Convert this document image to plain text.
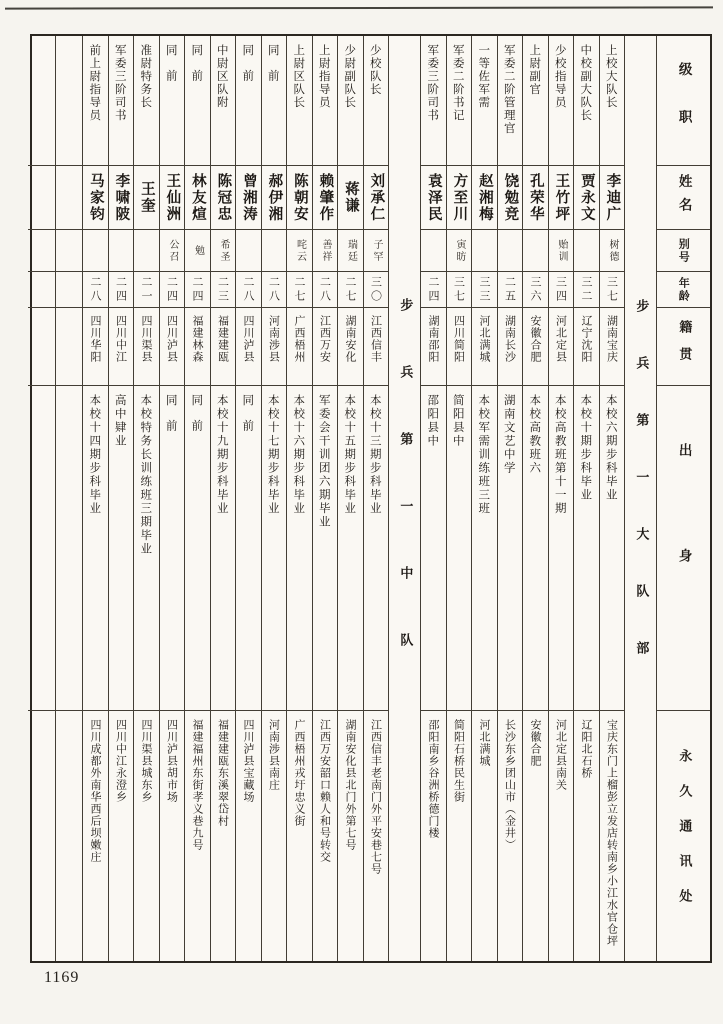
级职
姓名
别号
年龄
籍贯
出身
永久通讯处
步兵第一大队部
上校大队长
李迪广
树德
三七
湖南宝庆
本校六期步科毕业
宝庆东门上榴彭立发店转南乡小江水官仓坪
中校副大队长
贾永文
三二
辽宁沈阳
本校十期步科毕业
辽阳北石桥
少校指导员
王竹坪
贻训
三四
河北定县
本校高教班第十一期
河北定县南关
上尉副官
孔荣华
三六
安徽合肥
本校高教班六
安徽合肥
军委二阶管理官
饶勉竞
二五
湖南长沙
湖南文艺中学
长沙东乡团山市（金井）
一等佐军需
赵湘梅
三三
河北满城
本校军需训练班三班
河北满城
军委二阶书记
方至川
寅昉
三七
四川简阳
简阳县中
简阳石桥民生街
军委三阶司书
袁泽民
二四
湖南邵阳
邵阳县中
邵阳南乡谷洲桥德门楼
步兵第一中队
少校队长
刘承仁
子罕
三〇
江西信丰
本校十三期步科毕业
江西信丰老南门外平安巷七号
少尉副队长
蒋谦
瑞廷
二七
湖南安化
本校十五期步科毕业
湖南安化县北门外第七号
上尉指导员
赖肇作
善祥
二八
江西万安
军委会干训团六期毕业
江西万安韶口赖人和号转交
上尉区队长
陈朝安
咤云
二七
广西梧州
本校十六期步科毕业
广西梧州戎圩忠义街
同前
郝伊湘
二八
河南涉县
本校十七期步科毕业
河南涉县南庄
同前
曾湘涛
二八
四川泸县
同前
四川泸县宝藏场
中尉区队附
陈冠忠
希圣
二三
福建建瓯
本校十九期步科毕业
福建建瓯东溪翠岱村
同前
林友煊
勉
二四
福建林森
同前
福建福州东街孝义巷九号
同前
王仙洲
公召
二四
四川泸县
同前
四川泸县胡市场
准尉特务长
王奎
二一
四川渠县
本校特务长训练班三期毕业
四川渠县城东乡
军委三阶司书
李啸陂
二四
四川中江
高中肄业
四川中江永澄乡
前上尉指导员
马家钧
二八
四川华阳
本校十四期步科毕业
四川成都外南华西后坝嫩庄
1169
